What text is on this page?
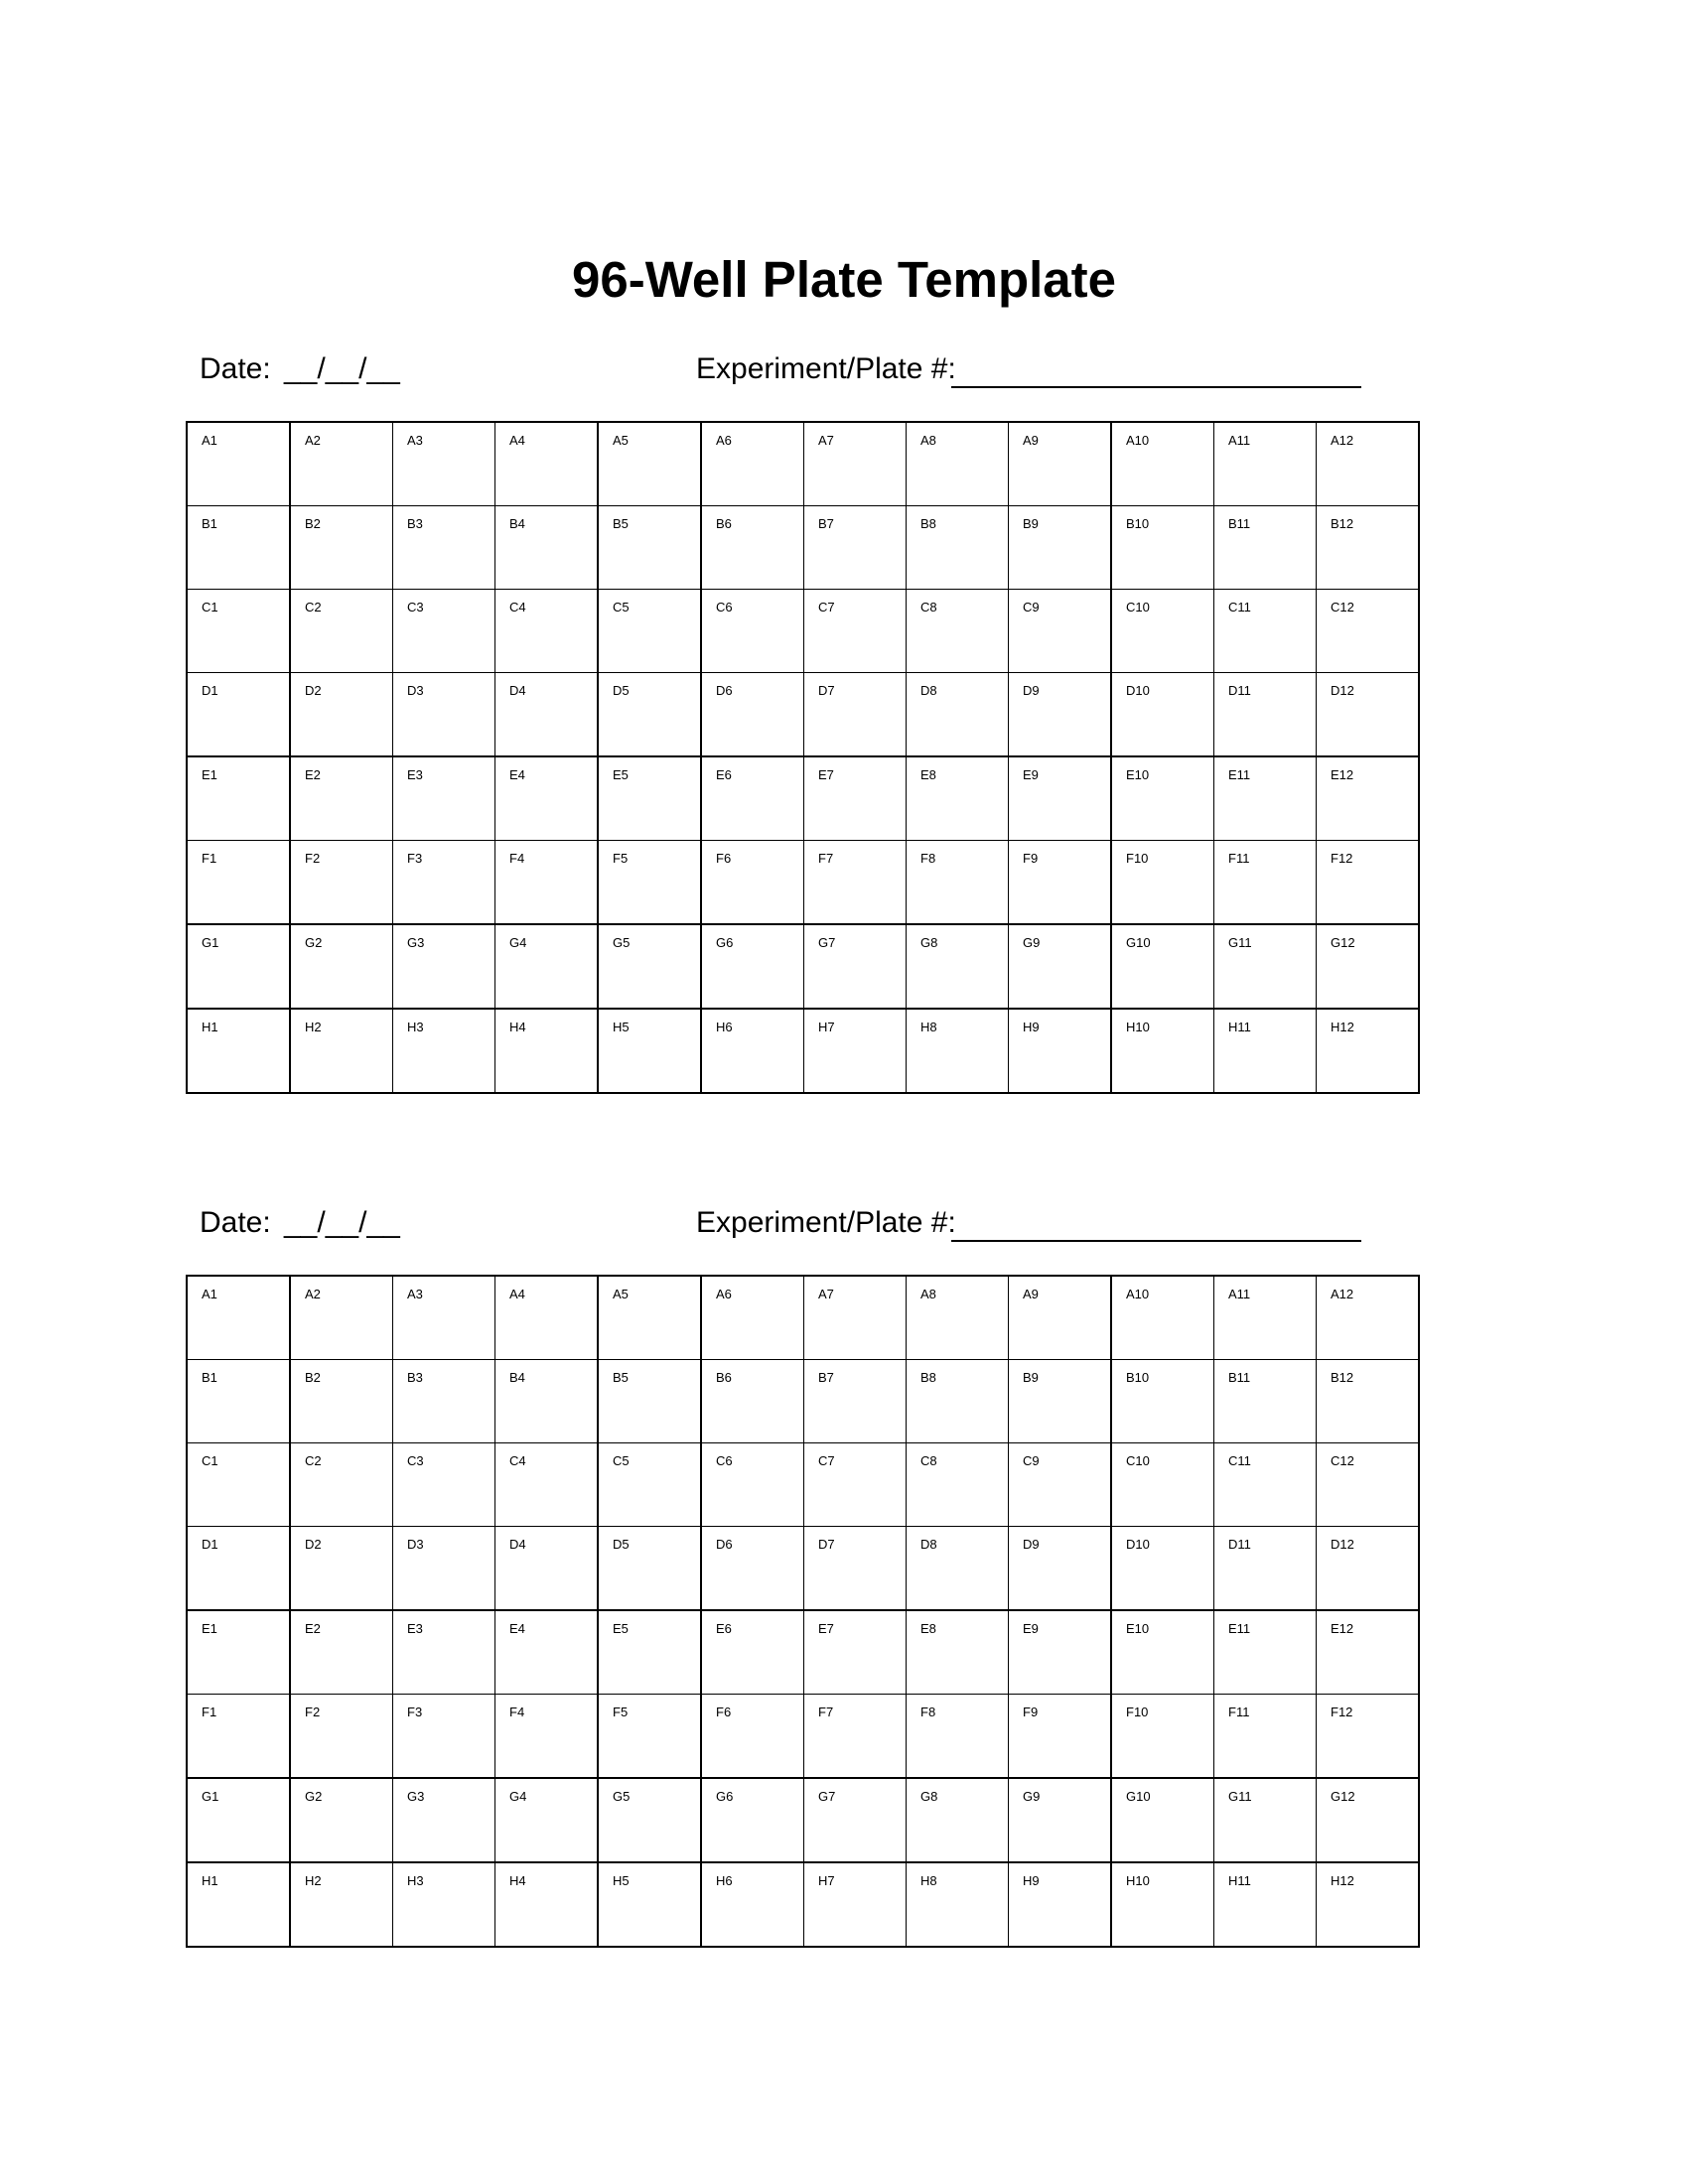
96-Well Plate Template
Date: __/__/__	Experiment/Plate #:
A1	A2	A3	A4	A5	A6	A7	A8	A9	A10	A11	A12

B1	B2	B3	B4	B5	B6	B7	B8	B9	B10	B11	B12

C1	C2	C3	C4	C5	C6	C7	C8	C9	C10	C11	C12

D1	D2	D3	D4	D5	D6	D7	D8	D9	D10	D11	D12

E1	E2	E3	E4	E5	E6	E7	E8	E9	E10	E11	E12

F1	F2	F3	F4	F5	F6	F7	F8	F9	F10	F11	F12

G1	G2	G3	G4	G5	G6	G7	G8	G9	G10	G11	G12

H1	H2	H3	H4	H5	H6	H7	H8	H9	H10	H11	H12
Date: __/__/__	Experiment/Plate #:
A1	A2	A3	A4	A5	A6	A7	A8	A9	A10	A11	A12

B1	B2	B3	B4	B5	B6	B7	B8	B9	B10	B11	B12

C1	C2	C3	C4	C5	C6	C7	C8	C9	C10	C11	C12

D1	D2	D3	D4	D5	D6	D7	D8	D9	D10	D11	D12

E1	E2	E3	E4	E5	E6	E7	E8	E9	E10	E11	E12

F1	F2	F3	F4	F5	F6	F7	F8	F9	F10	F11	F12

G1	G2	G3	G4	G5	G6	G7	G8	G9	G10	G11	G12

H1	H2	H3	H4	H5	H6	H7	H8	H9	H10	H11	H12
